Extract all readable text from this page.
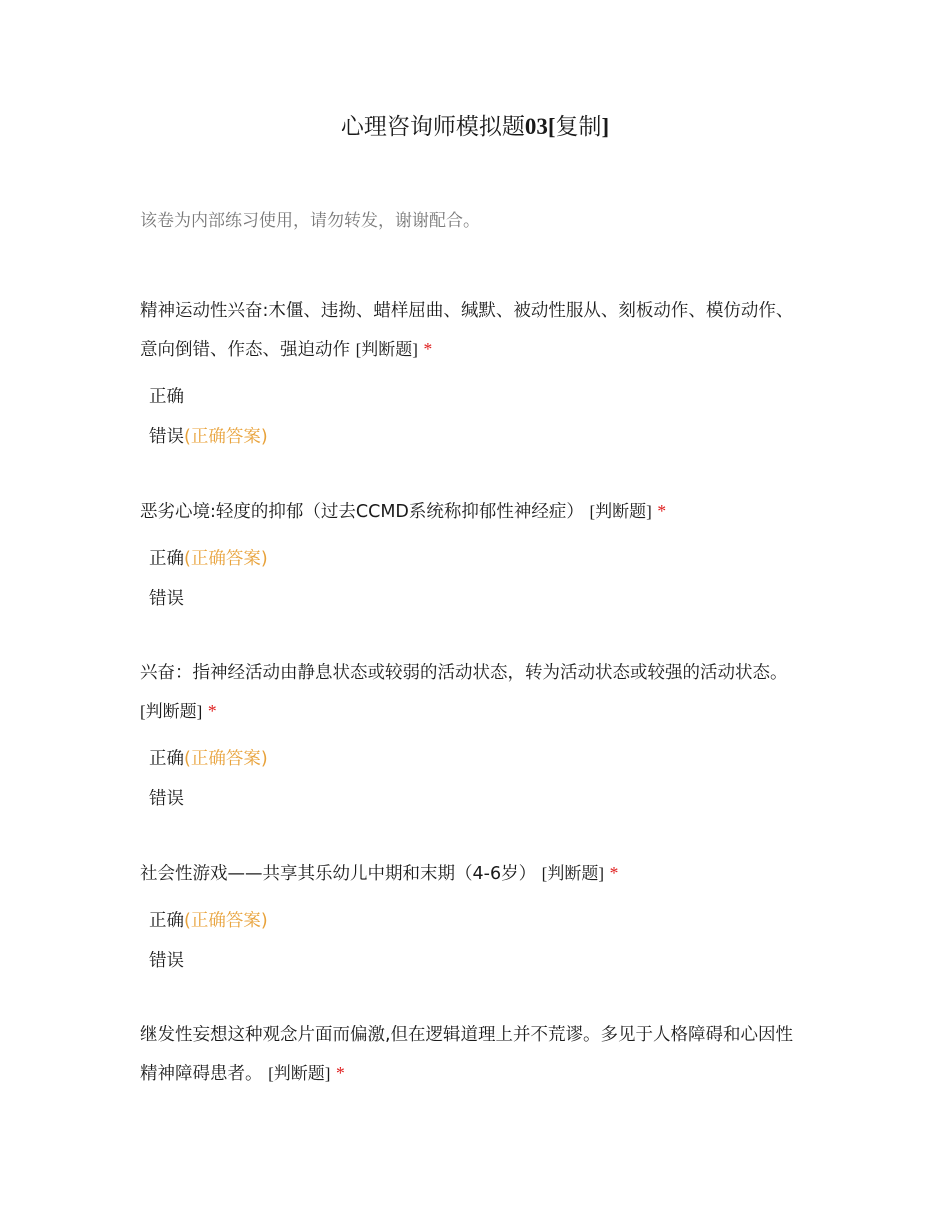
心理咨询师模拟题03[复制]
该卷为内部练习使用，请勿转发，谢谢配合。
精神运动性兴奋:木僵、违拗、蜡样屈曲、缄默、被动性服从、刻板动作、模仿动作、意向倒错、作态、强迫动作 [判断题] *
正确
错误(正确答案)
恶劣心境:轻度的抑郁（过去CCMD系统称抑郁性神经症） [判断题] *
正确(正确答案)
错误
兴奋：指神经活动由静息状态或较弱的活动状态，转为活动状态或较强的活动状态。 [判断题] *
正确(正确答案)
错误
社会性游戏——共享其乐幼儿中期和末期（4-6岁） [判断题] *
正确(正确答案)
错误
继发性妄想这种观念片面而偏激,但在逻辑道理上并不荒谬。多见于人格障碍和心因性精神障碍患者。 [判断题] *
